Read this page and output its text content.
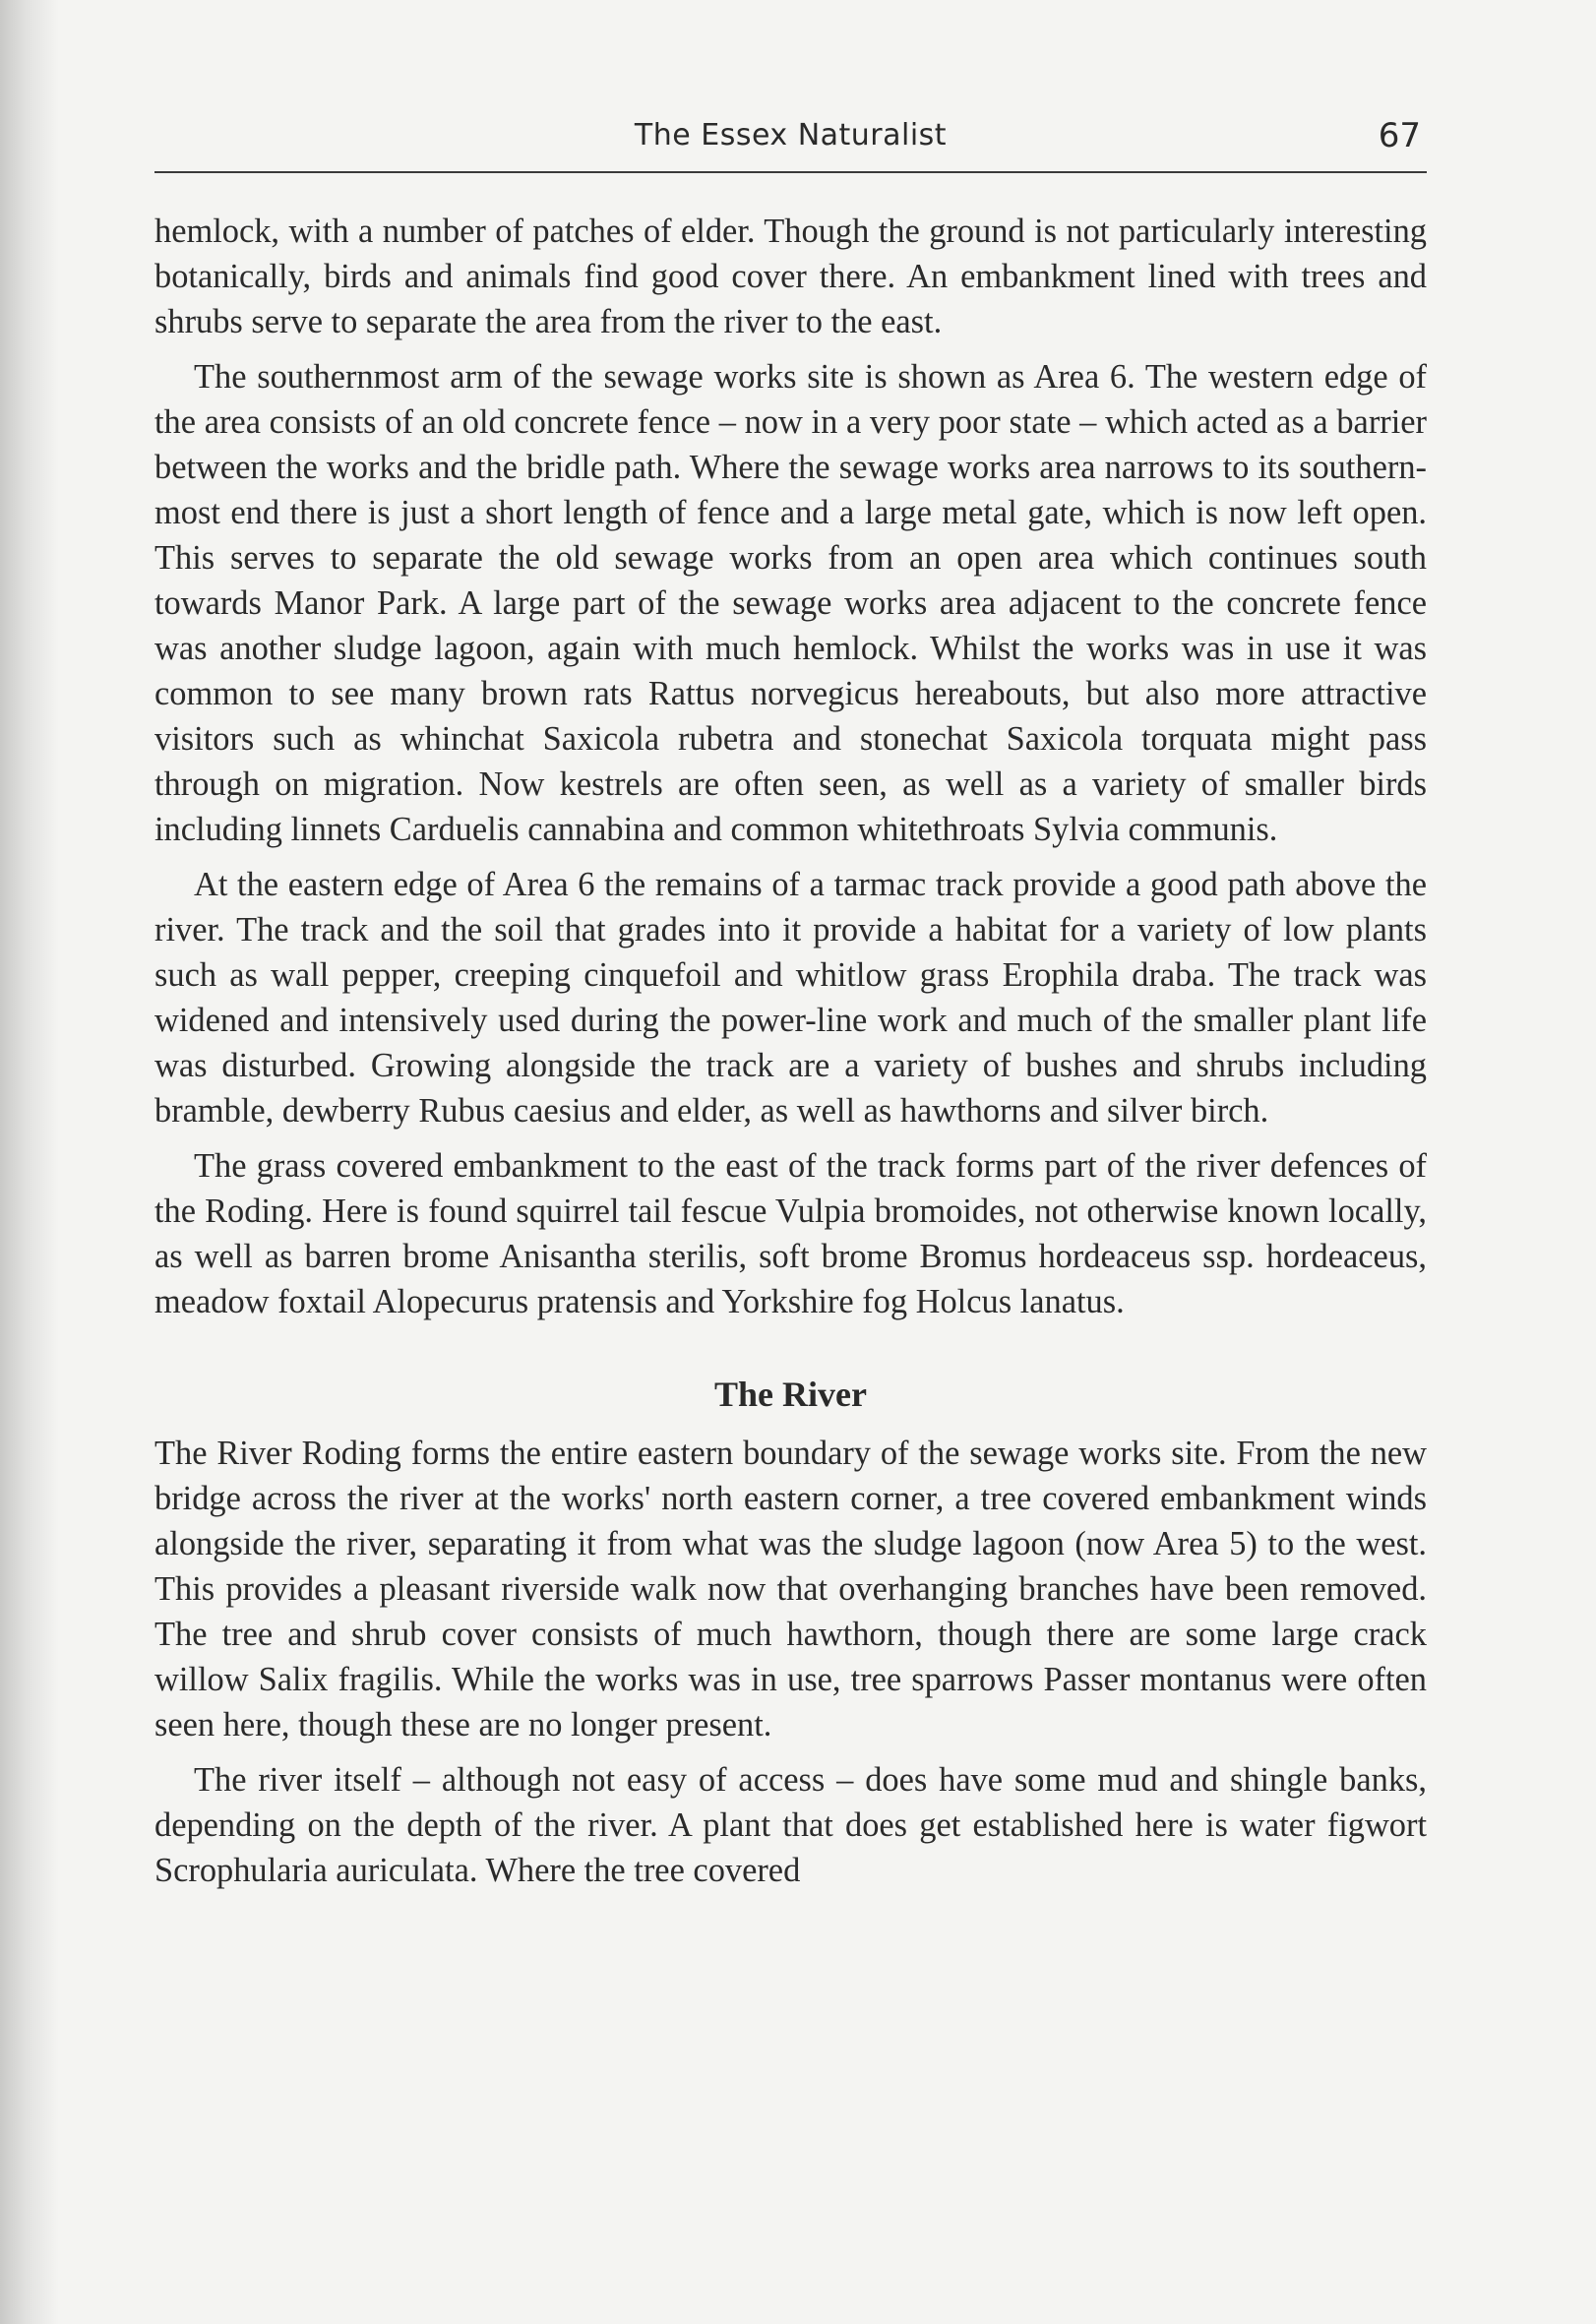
The Essex Naturalist	67

hemlock, with a number of patches of elder. Though the ground is not particularly interesting botanically, birds and animals find good cover there. An embankment lined with trees and shrubs serve to separate the area from the river to the east.

The southernmost arm of the sewage works site is shown as Area 6. The western edge of the area consists of an old concrete fence – now in a very poor state – which acted as a barrier between the works and the bridle path. Where the sewage works area narrows to its southern-most end there is just a short length of fence and a large metal gate, which is now left open. This serves to separate the old sewage works from an open area which continues south towards Manor Park. A large part of the sewage works area adjacent to the concrete fence was another sludge lagoon, again with much hemlock. Whilst the works was in use it was common to see many brown rats Rattus norvegicus hereabouts, but also more attractive visitors such as whinchat Saxicola rubetra and stonechat Saxicola torquata might pass through on migration. Now kestrels are often seen, as well as a variety of smaller birds including linnets Carduelis cannabina and common whitethroats Sylvia communis.

At the eastern edge of Area 6 the remains of a tarmac track provide a good path above the river. The track and the soil that grades into it provide a habitat for a variety of low plants such as wall pepper, creeping cinquefoil and whitlow grass Erophila draba. The track was widened and intensively used during the power-line work and much of the smaller plant life was disturbed. Growing alongside the track are a variety of bushes and shrubs including bramble, dewberry Rubus caesius and elder, as well as hawthorns and silver birch.

The grass covered embankment to the east of the track forms part of the river defences of the Roding. Here is found squirrel tail fescue Vulpia bromoides, not otherwise known locally, as well as barren brome Anisantha sterilis, soft brome Bromus hordeaceus ssp. hordeaceus, meadow foxtail Alopecurus pratensis and Yorkshire fog Holcus lanatus.

The River

The River Roding forms the entire eastern boundary of the sewage works site. From the new bridge across the river at the works' north eastern corner, a tree covered embankment winds alongside the river, separating it from what was the sludge lagoon (now Area 5) to the west. This provides a pleasant riverside walk now that overhanging branches have been removed. The tree and shrub cover consists of much hawthorn, though there are some large crack willow Salix fragilis. While the works was in use, tree sparrows Passer montanus were often seen here, though these are no longer present.

The river itself – although not easy of access – does have some mud and shingle banks, depending on the depth of the river. A plant that does get established here is water figwort Scrophularia auriculata. Where the tree covered
